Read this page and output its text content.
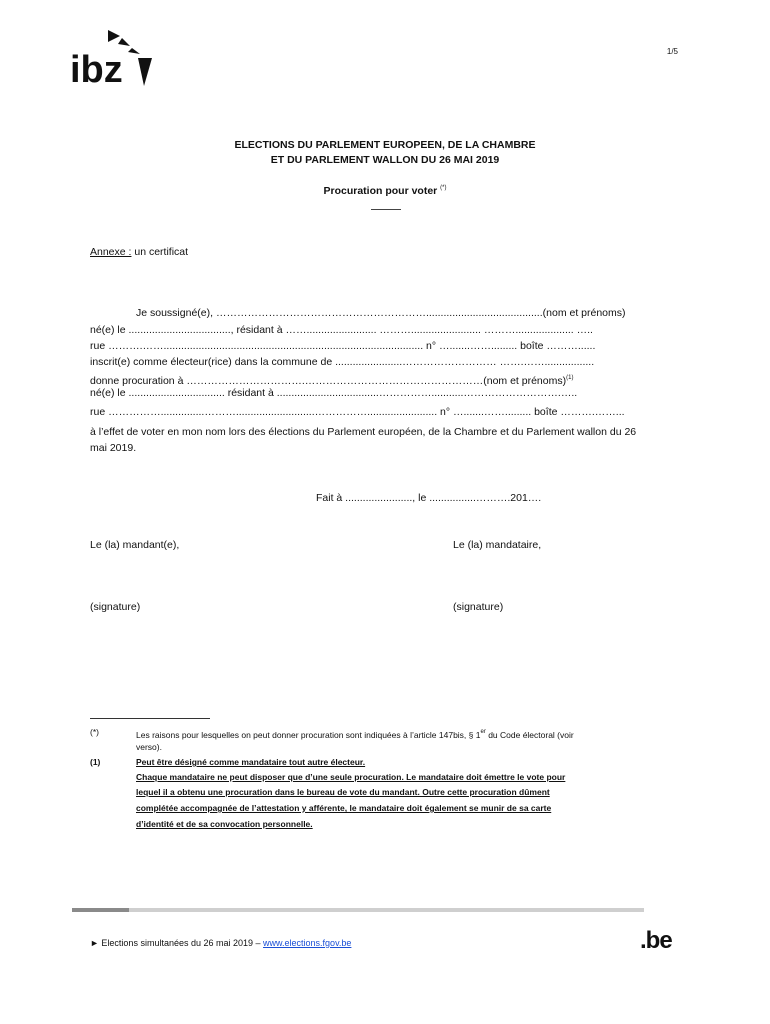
ibz	1/5
ELECTIONS DU PARLEMENT EUROPEEN, DE LA CHAMBRE
ET DU PARLEMENT WALLON DU 26 MAI 2019
Procuration pour voter (*)
Annexe : un certificat
Je soussigné(e), ……………………………………………………........................................(nom et prénoms)
né(e) le ..................................., résidant à ……........................ ………........................ ……….................... …..
rue ……….……......................................................................................... n° ….......……......... boîte ………......
inscrit(e) comme électeur(rice) dans la commune de .......................……………………… …….…….................
donne procuration à …………………………….……………………………………………(nom et prénoms)$^{(1)}$
né(e) le ................................. résidant à ...................................……………...........……………………….…..
rue ……………...............………...........................……………........................ n° ….......……......... boîte ……….……...
à l’effet de voter en mon nom lors des élections du Parlement européen, de la Chambre et du Parlement wallon du 26
mai 2019.
Fait à ......................., le ................……….201….
Le (la) mandant(e),	Le (la) mandataire,
(signature)	(signature)
(*)	Les raisons pour lesquelles on peut donner procuration sont indiquées à l’article 147bis, § 1er du Code électoral (voir
verso).
(1)	Peut être désigné comme mandataire tout autre électeur.
Chaque mandataire ne peut disposer que d’une seule procuration. Le mandataire doit émettre le vote pour
lequel il a obtenu une procuration dans le bureau de vote du mandant. Outre cette procuration dûment
complétée accompagnée de l’attestation y afférente, le mandataire doit également se munir de sa carte
d’identité et de sa convocation personnelle.
► Elections simultanées du 26 mai 2019 – www.elections.fgov.be	.be
